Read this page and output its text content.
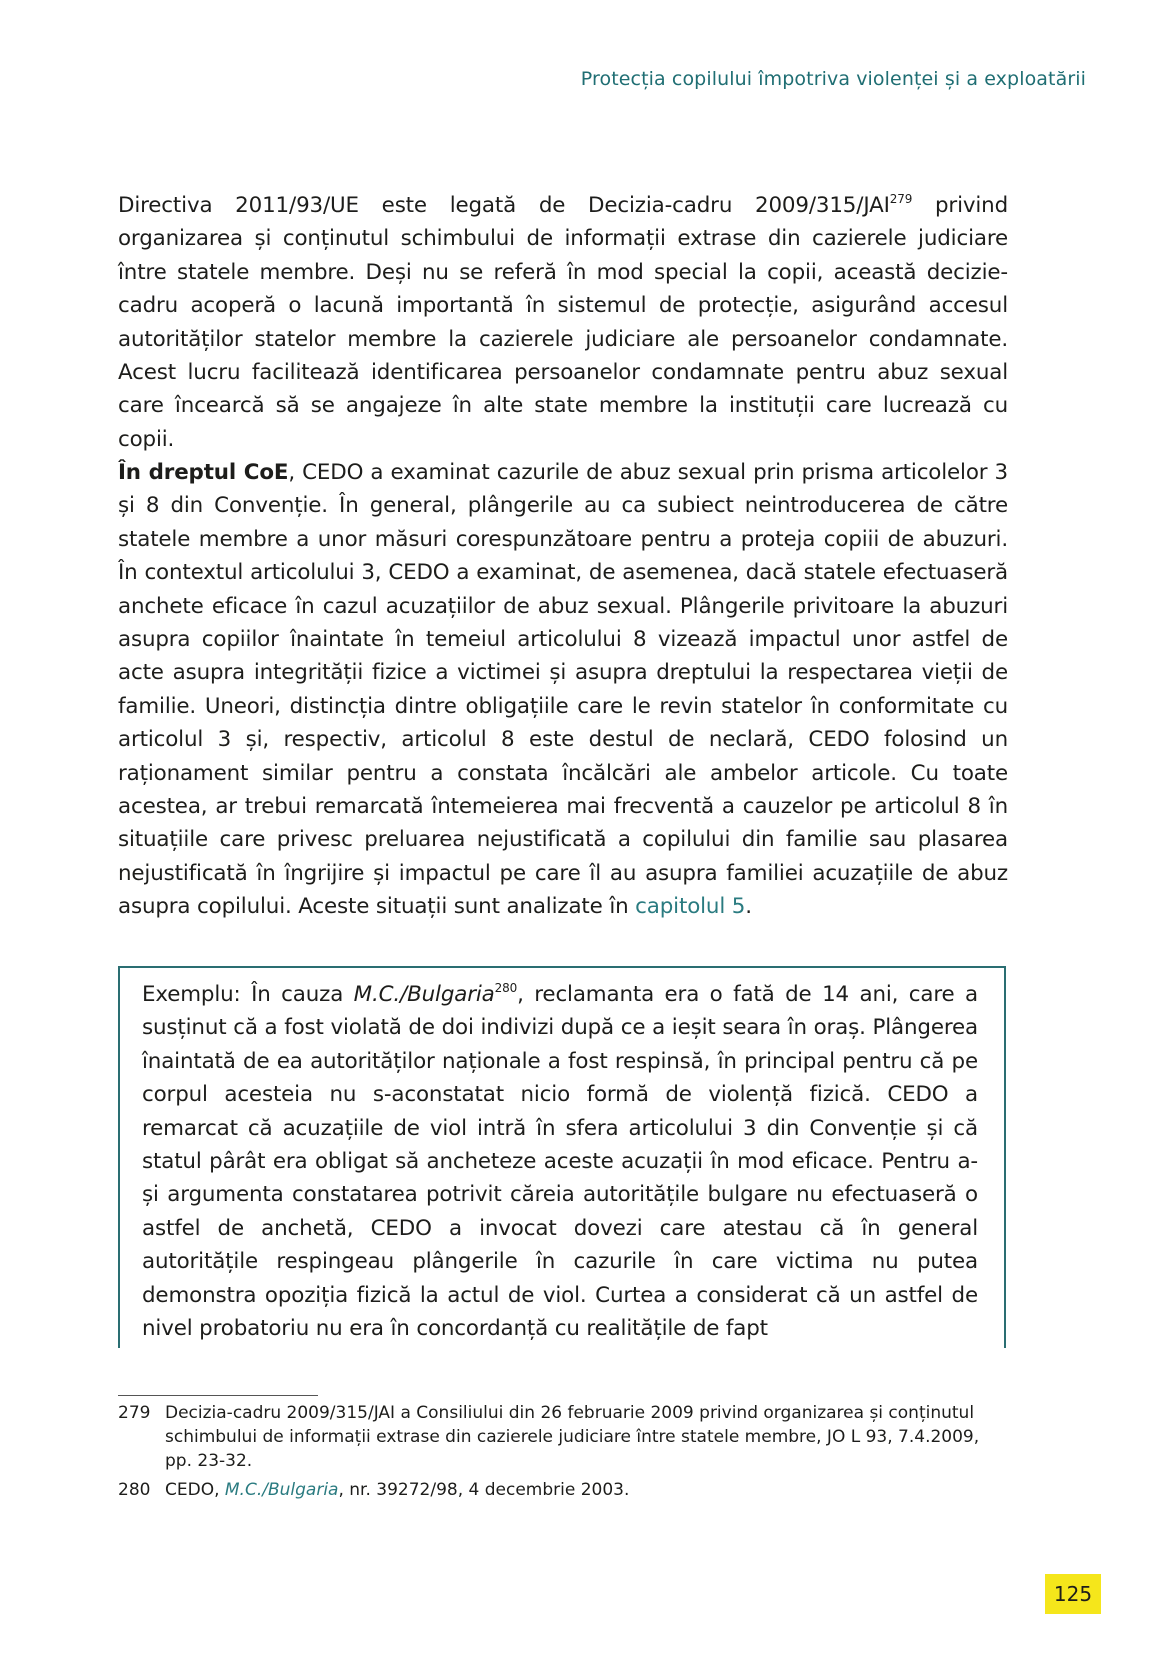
Protecția copilului împotriva violenței și a exploatării

Directiva 2011/93/UE este legată de Decizia-cadru 2009/315/JAI$^{279}$ privind organizarea și conținutul schimbului de informații extrase din cazierele judiciare între statele membre. Deși nu se referă în mod special la copii, această decizie-cadru acoperă o lacună importantă în sistemul de protecție, asigurând accesul autorităților statelor membre la cazierele judiciare ale persoanelor condamnate. Acest lucru facilitează identificarea persoanelor condamnate pentru abuz sexual care încearcă să se angajeze în alte state membre la instituții care lucrează cu copii.

În dreptul CoE, CEDO a examinat cazurile de abuz sexual prin prisma articolelor 3 și 8 din Convenție. În general, plângerile au ca subiect neintroducerea de către statele membre a unor măsuri corespunzătoare pentru a proteja copiii de abuzuri. În contextul articolului 3, CEDO a examinat, de asemenea, dacă statele efectuaseră anchete eficace în cazul acuzațiilor de abuz sexual. Plângerile privitoare la abuzuri asupra copiilor înaintate în temeiul articolului 8 vizează impactul unor astfel de acte asupra integrității fizice a victimei și asupra dreptului la respectarea vieții de familie. Uneori, distincția dintre obligațiile care le revin statelor în conformitate cu articolul 3 și, respectiv, articolul 8 este destul de neclară, CEDO folosind un raționament similar pentru a constata încălcări ale ambelor articole. Cu toate acestea, ar trebui remarcată întemeierea mai frecventă a cauzelor pe articolul 8 în situațiile care privesc preluarea nejustificată a copilului din familie sau plasarea nejustificată în îngrijire și impactul pe care îl au asupra familiei acuzațiile de abuz asupra copilului. Aceste situații sunt analizate în capitolul 5.

Exemplu: În cauza M.C./Bulgaria$^{280}$, reclamanta era o fată de 14 ani, care a susținut că a fost violată de doi indivizi după ce a ieșit seara în oraș. Plângerea înaintată de ea autorităților naționale a fost respinsă, în principal pentru că pe corpul acesteia nu s-aconstatat nicio formă de violență fizică. CEDO a remarcat că acuzațiile de viol intră în sfera articolului 3 din Convenție și că statul pârât era obligat să ancheteze aceste acuzații în mod eficace. Pentru a-și argumenta constatarea potrivit căreia autoritățile bulgare nu efectuaseră o astfel de anchetă, CEDO a invocat dovezi care atestau că în general autoritățile respingeau plângerile în cazurile în care victima nu putea demonstra opoziția fizică la actul de viol. Curtea a considerat că un astfel de nivel probatoriu nu era în concordanță cu realitățile de fapt

279 Decizia-cadru 2009/315/JAI a Consiliului din 26 februarie 2009 privind organizarea și conținutul schimbului de informații extrase din cazierele judiciare între statele membre, JO L 93, 7.4.2009, pp. 23-32.
280 CEDO, M.C./Bulgaria, nr. 39272/98, 4 decembrie 2003.
125
